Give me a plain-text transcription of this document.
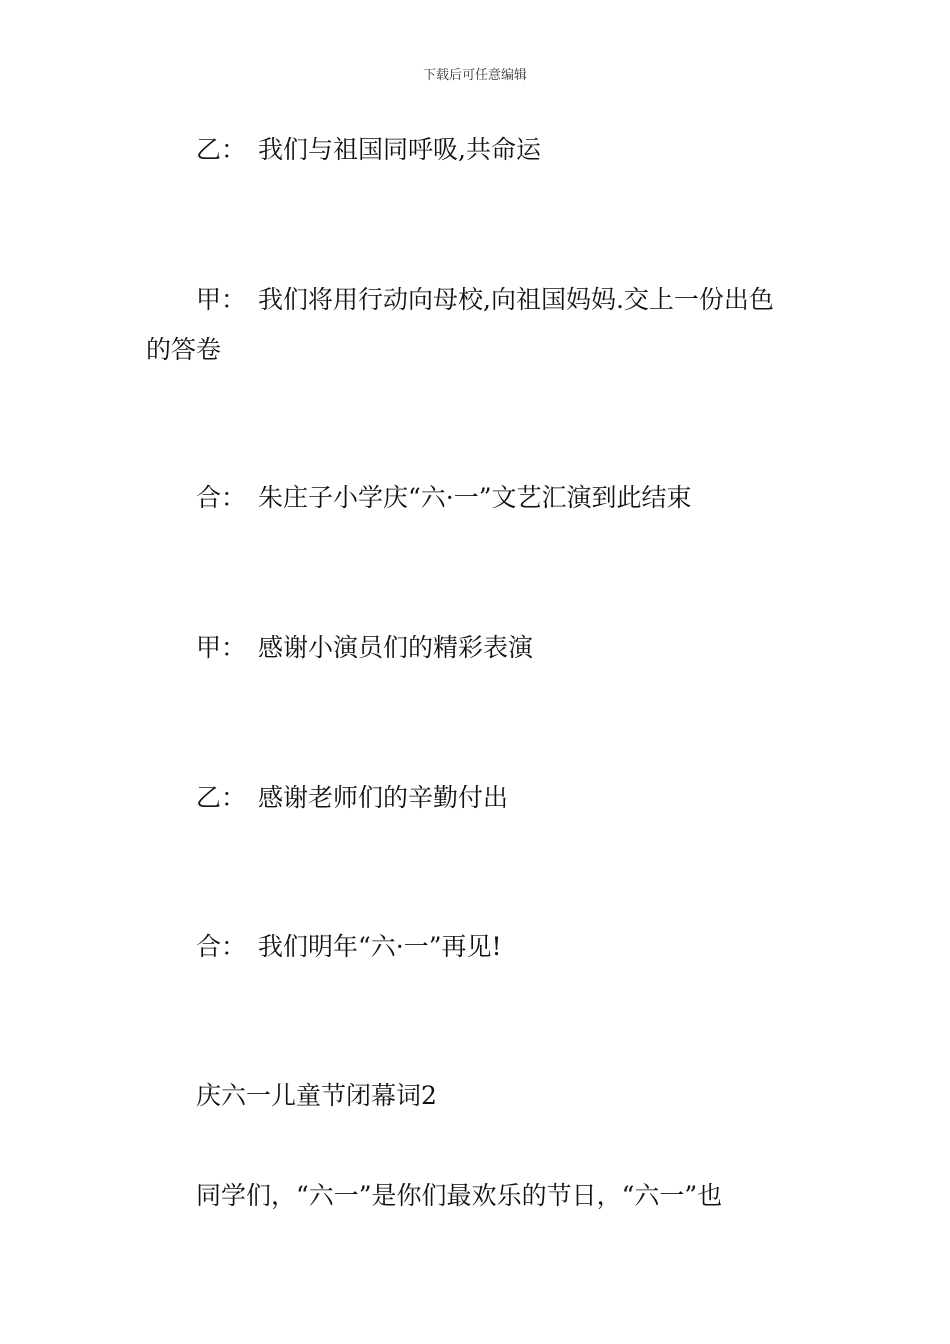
下载后可任意编辑
乙： 我们与祖国同呼吸,共命运
甲： 我们将用行动向母校,向祖国妈妈.交上一份出色
的答卷
合： 朱庄子小学庆“六·一”文艺汇演到此结束
甲： 感谢小演员们的精彩表演
乙： 感谢老师们的辛勤付出
合： 我们明年“六·一”再见!
庆六一儿童节闭幕词2
同学们，“六一”是你们最欢乐的节日，“六一”也
